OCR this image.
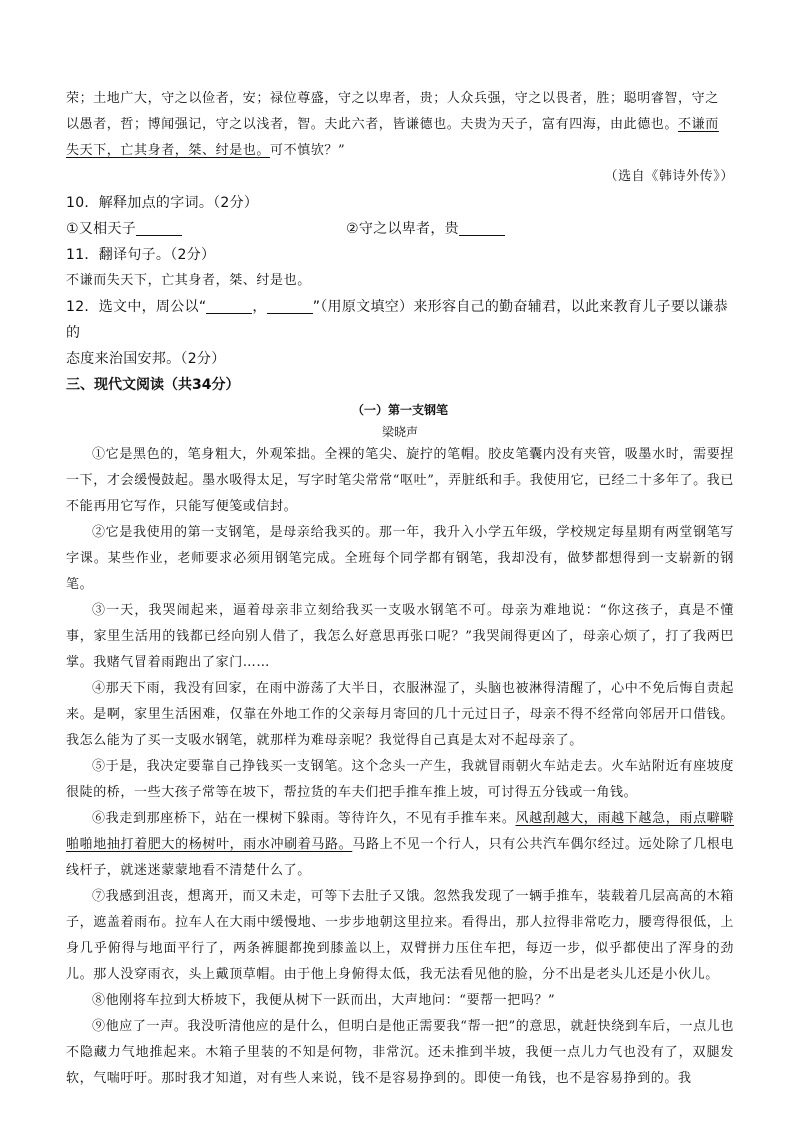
荣；土地广大，守之以俭者，安；禄位尊盛，守之以卑者，贵；人众兵强，守之以畏者，胜；聪明睿智，守之

以愚者，哲；博闻强记，守之以浅者，智。夫此六者，皆谦德也。夫贵为天子，富有四海，由此德也。不谦而

失天下，亡其身者，桀、纣是也。可不慎欤？”

（选自《韩诗外传》）

10．解释加点的字词。（2分）

①又相天子	②守之以卑者，贵

11．翻译句子。（2分）

不谦而失天下，亡其身者，桀、纣是也。

12．选文中，周公以“	，	”（用原文填空）来形容自己的勤奋辅君，以此来教育儿子要以谦恭的

态度来治国安邦。（2分）

三、现代文阅读（共34分）

（一）第一支钢笔

梁晓声

①它是黑色的，笔身粗大，外观笨拙。全裸的笔尖、旋拧的笔帽。胶皮笔囊内没有夹管，吸墨水时，需要捏一下，才会缓慢鼓起。墨水吸得太足，写字时笔尖常常“呕吐”，弄脏纸和手。我使用它，已经二十多年了。我已不能再用它写作，只能写便笺或信封。

②它是我使用的第一支钢笔，是母亲给我买的。那一年，我升入小学五年级，学校规定每星期有两堂钢笔写字课。某些作业，老师要求必须用钢笔完成。全班每个同学都有钢笔，我却没有，做梦都想得到一支崭新的钢笔。

③一天，我哭闹起来，逼着母亲非立刻给我买一支吸水钢笔不可。母亲为难地说：“你这孩子，真是不懂事，家里生活用的钱都已经向别人借了，我怎么好意思再张口呢？”我哭闹得更凶了，母亲心烦了，打了我两巴掌。我赌气冒着雨跑出了家门……

④那天下雨，我没有回家，在雨中游荡了大半日，衣服淋湿了，头脑也被淋得清醒了，心中不免后悔自责起来。是啊，家里生活困难，仅靠在外地工作的父亲每月寄回的几十元过日子，母亲不得不经常向邻居开口借钱。我怎么能为了买一支吸水钢笔，就那样为难母亲呢？我觉得自己真是太对不起母亲了。

⑤于是，我决定要靠自己挣钱买一支钢笔。这个念头一产生，我就冒雨朝火车站走去。火车站附近有座坡度很陡的桥，一些大孩子常等在坡下，帮拉货的车夫们把手推车推上坡，可讨得五分钱或一角钱。

⑥我走到那座桥下，站在一棵树下躲雨。等待许久，不见有手推车来。风越刮越大，雨越下越急，雨点噼噼啪啪地抽打着肥大的杨树叶，雨水冲刷着马路。马路上不见一个行人，只有公共汽车偶尔经过。远处除了几根电线杆子，就迷迷蒙蒙地看不清楚什么了。

⑦我感到沮丧，想离开，而又未走，可等下去肚子又饿。忽然我发现了一辆手推车，装载着几层高高的木箱子，遮盖着雨布。拉车人在大雨中缓慢地、一步步地朝这里拉来。看得出，那人拉得非常吃力，腰弯得很低，上身几乎俯得与地面平行了，两条裤腿都挽到膝盖以上，双臂拼力压住车把，每迈一步，似乎都使出了浑身的劲儿。那人没穿雨衣，头上戴顶草帽。由于他上身俯得太低，我无法看见他的脸，分不出是老头儿还是小伙儿。

⑧他刚将车拉到大桥坡下，我便从树下一跃而出，大声地问：“要帮一把吗？”

⑨他应了一声。我没听清他应的是什么，但明白是他正需要我“帮一把”的意思，就赶快绕到车后，一点儿也不隐藏力气地推起来。木箱子里装的不知是何物，非常沉。还未推到半坡，我便一点儿力气也没有了，双腿发软，气喘吁吁。那时我才知道，对有些人来说，钱不是容易挣到的。即使一角钱，也不是容易挣到的。我
